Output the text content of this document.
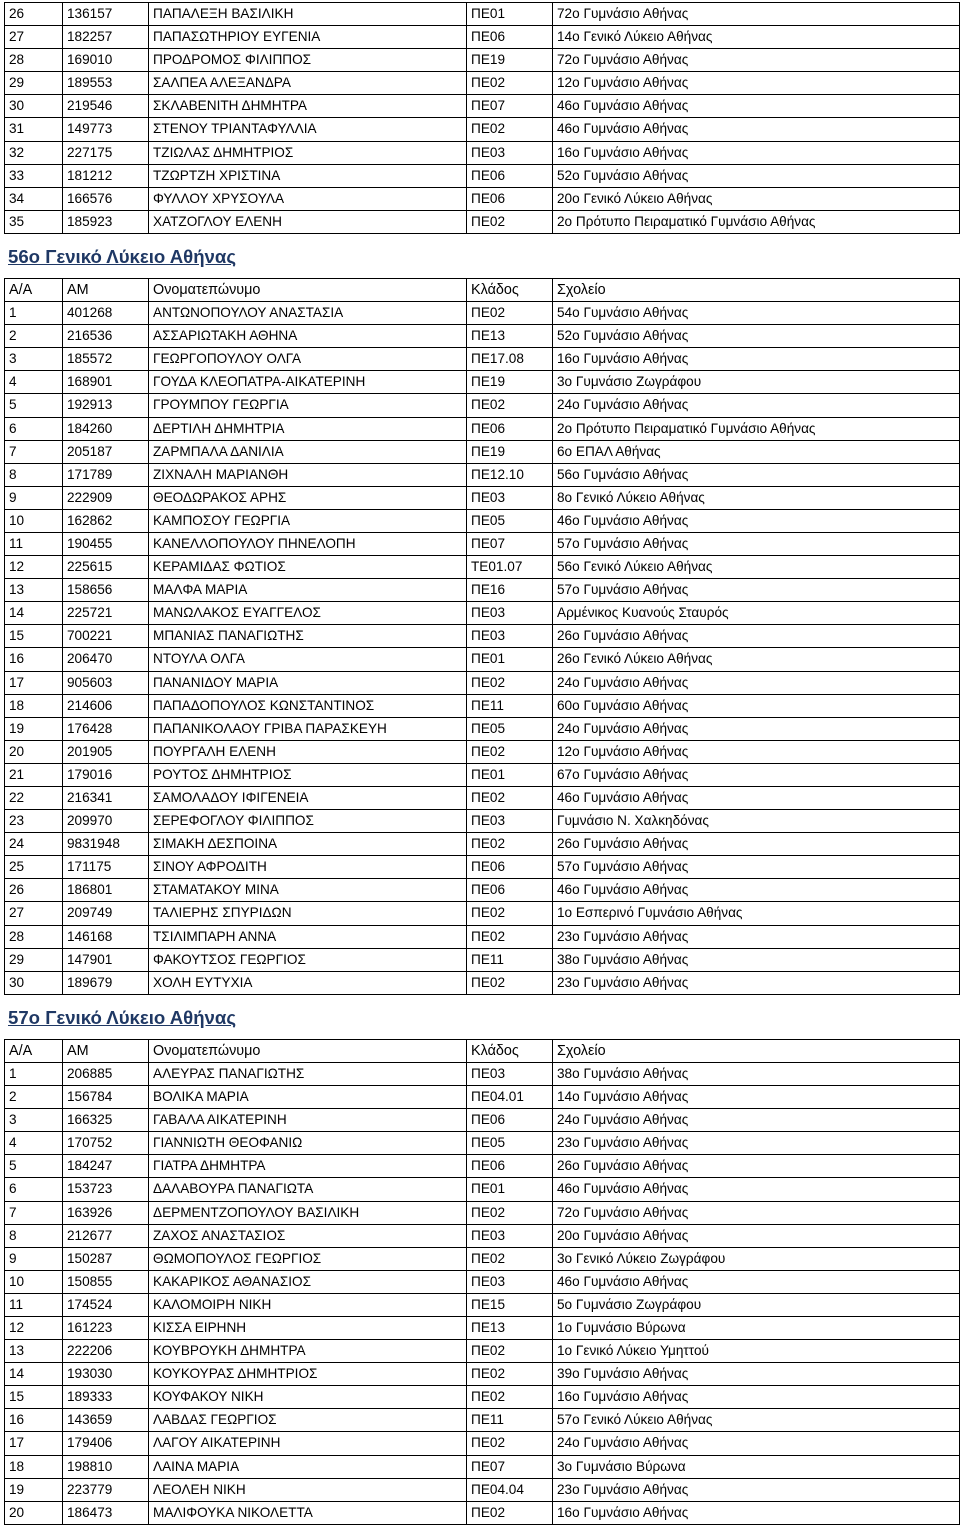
26	136157	ΠΑΠΑΛΕΞΗ ΒΑΣΙΛΙΚΗ	ΠΕ01	72ο Γυμνάσιο Αθήνας
27	182257	ΠΑΠΑΣΩΤΗΡΙΟΥ ΕΥΓΕΝΙΑ	ΠΕ06	14ο Γενικό Λύκειο Αθήνας
28	169010	ΠΡΟΔΡΟΜΟΣ ΦΙΛΙΠΠΟΣ	ΠΕ19	72ο Γυμνάσιο Αθήνας
29	189553	ΣΑΛΠΕΑ ΑΛΕΞΑΝΔΡΑ	ΠΕ02	12ο Γυμνάσιο Αθήνας
30	219546	ΣΚΛΑΒΕΝΙΤΗ ΔΗΜΗΤΡΑ	ΠΕ07	46ο Γυμνάσιο Αθήνας
31	149773	ΣΤΕΝΟΥ ΤΡΙΑΝΤΑΦΥΛΛΙΑ	ΠΕ02	46ο Γυμνάσιο Αθήνας
32	227175	ΤΖΙΩΛΑΣ ΔΗΜΗΤΡΙΟΣ	ΠΕ03	16ο Γυμνάσιο Αθήνας
33	181212	ΤΖΩΡΤΖΗ ΧΡΙΣΤΙΝΑ	ΠΕ06	52ο Γυμνάσιο Αθήνας
34	166576	ΦΥΛΛΟΥ ΧΡΥΣΟΥΛΑ	ΠΕ06	20ο Γενικό Λύκειο Αθήνας
35	185923	ΧΑΤΖΟΓΛΟΥ ΕΛΕΝΗ	ΠΕ02	2ο Πρότυπο Πειραματικό Γυμνάσιο Αθήνας
56ο Γενικό Λύκειο Αθήνας
Α/Α	ΑΜ	Ονοματεπώνυμο	Κλάδος	Σχολείο
1	401268	ΑΝΤΩΝΟΠΟΥΛΟΥ ΑΝΑΣΤΑΣΙΑ	ΠΕ02	54ο Γυμνάσιο Αθήνας
2	216536	ΑΣΣΑΡΙΩΤΑΚΗ ΑΘΗΝΑ	ΠΕ13	52ο Γυμνάσιο Αθήνας
3	185572	ΓΕΩΡΓΟΠΟΥΛΟΥ ΟΛΓΑ	ΠΕ17.08	16ο Γυμνάσιο Αθήνας
4	168901	ΓΟΥΔΑ ΚΛΕΟΠΑΤΡΑ-ΑΙΚΑΤΕΡΙΝΗ	ΠΕ19	3ο Γυμνάσιο Ζωγράφου
5	192913	ΓΡΟΥΜΠΟΥ ΓΕΩΡΓΙΑ	ΠΕ02	24ο Γυμνάσιο Αθήνας
6	184260	ΔΕΡΤΙΛΗ ΔΗΜΗΤΡΙΑ	ΠΕ06	2ο Πρότυπο Πειραματικό Γυμνάσιο Αθήνας
7	205187	ΖΑΡΜΠΑΛΑ ΔΑΝΙΛΙΑ	ΠΕ19	6ο ΕΠΑΛ Αθήνας
8	171789	ΖΙΧΝΑΛΗ ΜΑΡΙΑΝΘΗ	ΠΕ12.10	56ο Γυμνάσιο Αθήνας
9	222909	ΘΕΟΔΩΡΑΚΟΣ ΑΡΗΣ	ΠΕ03	8ο Γενικό Λύκειο Αθήνας
10	162862	ΚΑΜΠΟΣΟΥ ΓΕΩΡΓΙΑ	ΠΕ05	46ο Γυμνάσιο Αθήνας
11	190455	ΚΑΝΕΛΛΟΠΟΥΛΟΥ ΠΗΝΕΛΟΠΗ	ΠΕ07	57ο Γυμνάσιο Αθήνας
12	225615	ΚΕΡΑΜΙΔΑΣ ΦΩΤΙΟΣ	ΤΕ01.07	56ο Γενικό Λύκειο Αθήνας
13	158656	ΜΑΛΦΑ ΜΑΡΙΑ	ΠΕ16	57ο Γυμνάσιο Αθήνας
14	225721	ΜΑΝΩΛΑΚΟΣ ΕΥΑΓΓΕΛΟΣ	ΠΕ03	Αρμένικος Κυανούς Σταυρός
15	700221	ΜΠΑΝΙΑΣ ΠΑΝΑΓΙΩΤΗΣ	ΠΕ03	26ο Γυμνάσιο Αθήνας
16	206470	ΝΤΟΥΛΑ ΟΛΓΑ	ΠΕ01	26ο Γενικό Λύκειο Αθήνας
17	905603	ΠΑΝΑΝΙΔΟΥ ΜΑΡΙΑ	ΠΕ02	24ο Γυμνάσιο Αθήνας
18	214606	ΠΑΠΑΔΟΠΟΥΛΟΣ ΚΩΝΣΤΑΝΤΙΝΟΣ	ΠΕ11	60ο Γυμνάσιο Αθήνας
19	176428	ΠΑΠΑΝΙΚΟΛΑΟΥ ΓΡΙΒΑ ΠΑΡΑΣΚΕΥΗ	ΠΕ05	24ο Γυμνάσιο Αθήνας
20	201905	ΠΟΥΡΓΑΛΗ ΕΛΕΝΗ	ΠΕ02	12ο Γυμνάσιο Αθήνας
21	179016	ΡΟΥΤΟΣ ΔΗΜΗΤΡΙΟΣ	ΠΕ01	67ο Γυμνάσιο Αθήνας
22	216341	ΣΑΜΟΛΑΔΟΥ ΙΦΙΓΕΝΕΙΑ	ΠΕ02	46ο Γυμνάσιο Αθήνας
23	209970	ΣΕΡΕΦΟΓΛΟΥ ΦΙΛΙΠΠΟΣ	ΠΕ03	Γυμνάσιο Ν. Χαλκηδόνας
24	9831948	ΣΙΜΑΚΗ ΔΕΣΠΟΙΝΑ	ΠΕ02	26ο Γυμνάσιο Αθήνας
25	171175	ΣΙΝΟΥ ΑΦΡΟΔΙΤΗ	ΠΕ06	57ο Γυμνάσιο Αθήνας
26	186801	ΣΤΑΜΑΤΑΚΟΥ ΜΙΝΑ	ΠΕ06	46ο Γυμνάσιο Αθήνας
27	209749	ΤΑΛΙΕΡΗΣ ΣΠΥΡΙΔΩΝ	ΠΕ02	1ο Εσπερινό Γυμνάσιο Αθήνας
28	146168	ΤΣΙΛΙΜΠΑΡΗ ΑΝΝΑ	ΠΕ02	23ο Γυμνάσιο Αθήνας
29	147901	ΦΑΚΟΥΤΣΟΣ ΓΕΩΡΓΙΟΣ	ΠΕ11	38ο Γυμνάσιο Αθήνας
30	189679	ΧΟΛΗ ΕΥΤΥΧΙΑ	ΠΕ02	23ο Γυμνάσιο Αθήνας
57ο Γενικό Λύκειο Αθήνας
Α/Α	ΑΜ	Ονοματεπώνυμο	Κλάδος	Σχολείο
1	206885	ΑΛΕΥΡΑΣ ΠΑΝΑΓΙΩΤΗΣ	ΠΕ03	38ο Γυμνάσιο Αθήνας
2	156784	ΒΟΛΙΚΑ ΜΑΡΙΑ	ΠΕ04.01	14ο Γυμνάσιο Αθήνας
3	166325	ΓΑΒΑΛΑ ΑΙΚΑΤΕΡΙΝΗ	ΠΕ06	24ο Γυμνάσιο Αθήνας
4	170752	ΓΙΑΝΝΙΩΤΗ ΘΕΟΦΑΝΙΩ	ΠΕ05	23ο Γυμνάσιο Αθήνας
5	184247	ΓΙΑΤΡΑ ΔΗΜΗΤΡΑ	ΠΕ06	26ο Γυμνάσιο Αθήνας
6	153723	ΔΑΛΑΒΟΥΡΑ ΠΑΝΑΓΙΩΤΑ	ΠΕ01	46ο Γυμνάσιο Αθήνας
7	163926	ΔΕΡΜΕΝΤΖΟΠΟΥΛΟΥ ΒΑΣΙΛΙΚΗ	ΠΕ02	72ο Γυμνάσιο Αθήνας
8	212677	ΖΑΧΟΣ ΑΝΑΣΤΑΣΙΟΣ	ΠΕ03	20ο Γυμνάσιο Αθήνας
9	150287	ΘΩΜΟΠΟΥΛΟΣ ΓΕΩΡΓΙΟΣ	ΠΕ02	3ο Γενικό Λύκειο Ζωγράφου
10	150855	ΚΑΚΑΡΙΚΟΣ ΑΘΑΝΑΣΙΟΣ	ΠΕ03	46ο Γυμνάσιο Αθήνας
11	174524	ΚΑΛΟΜΟΙΡΗ ΝΙΚΗ	ΠΕ15	5ο Γυμνάσιο Ζωγράφου
12	161223	ΚΙΣΣΑ ΕΙΡΗΝΗ	ΠΕ13	1ο Γυμνάσιο Βύρωνα
13	222206	ΚΟΥΒΡΟΥΚΗ ΔΗΜΗΤΡΑ	ΠΕ02	1ο Γενικό Λύκειο Υμηττού
14	193030	ΚΟΥΚΟΥΡΑΣ ΔΗΜΗΤΡΙΟΣ	ΠΕ02	39ο Γυμνάσιο Αθήνας
15	189333	ΚΟΥΦΑΚΟΥ ΝΙΚΗ	ΠΕ02	16ο Γυμνάσιο Αθήνας
16	143659	ΛΑΒΔΑΣ ΓΕΩΡΓΙΟΣ	ΠΕ11	57ο Γενικό Λύκειο Αθήνας
17	179406	ΛΑΓΟΥ ΑΙΚΑΤΕΡΙΝΗ	ΠΕ02	24ο Γυμνάσιο Αθήνας
18	198810	ΛΑΙΝΑ ΜΑΡΙΑ	ΠΕ07	3ο Γυμνάσιο Βύρωνα
19	223779	ΛΕΟΛΕΗ ΝΙΚΗ	ΠΕ04.04	23ο Γυμνάσιο Αθήνας
20	186473	ΜΑΛΙΦΟΥΚΑ ΝΙΚΟΛΕΤΤΑ	ΠΕ02	16ο Γυμνάσιο Αθήνας
